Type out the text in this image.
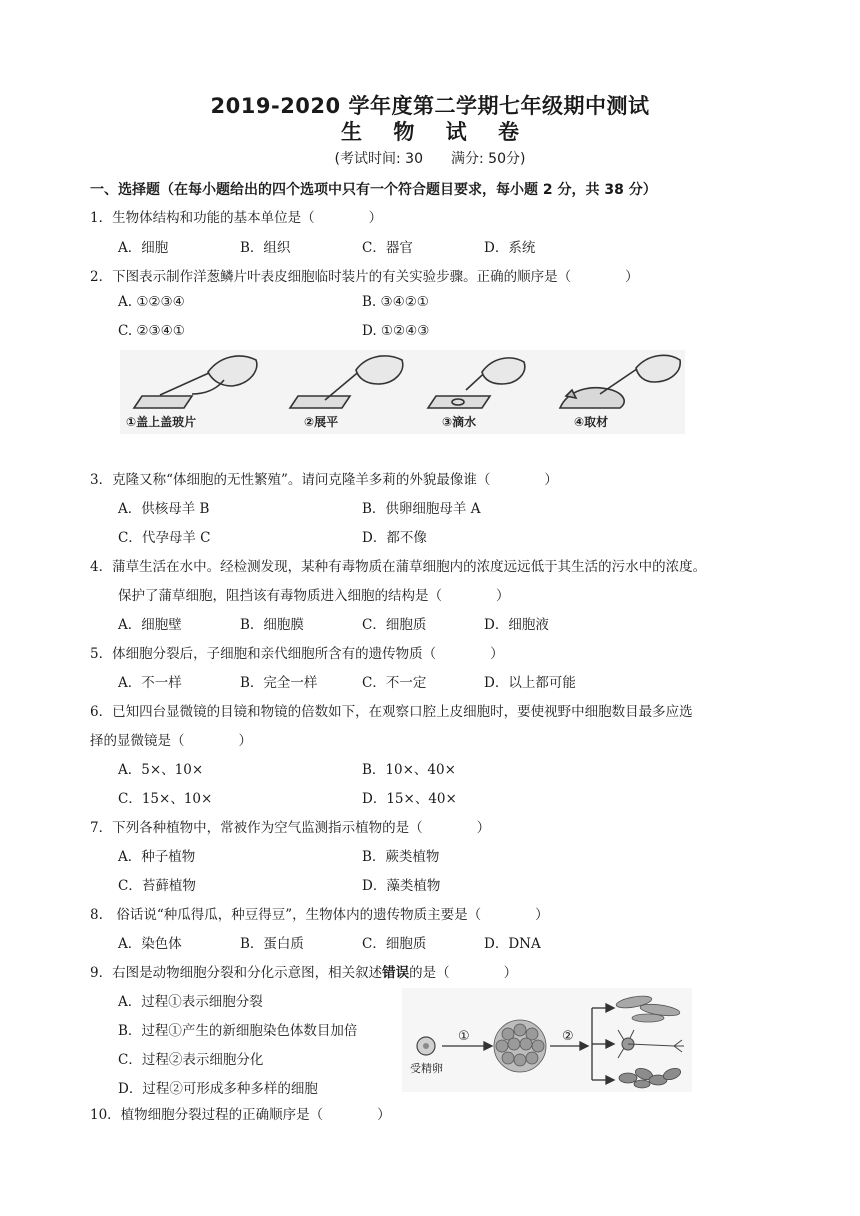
2019-2020 学年度第二学期七年级期中测试
生 物 试 卷
(考试时间: 30　　满分: 50分)
一、选择题（在每小题给出的四个选项中只有一个符合题目要求，每小题 2 分，共 38 分）
1．生物体结构和功能的基本单位是（　　　　）
A．细胞	B．组织	C．器官	D．系统
2．下图表示制作洋葱鳞片叶表皮细胞临时装片的有关实验步骤。正确的顺序是（　　　　）
A. ①②③④	B. ③④②①
C. ②③④①	D. ①②④③
①盖上盖玻片	②展平	③滴水	④取材
3．克隆又称“体细胞的无性繁殖”。请问克隆羊多莉的外貌最像谁（　　　　）
A．供核母羊 B	B．供卵细胞母羊 A
C．代孕母羊 C	D．都不像
4．蒲草生活在水中。经检测发现，某种有毒物质在蒲草细胞内的浓度远远低于其生活的污水中的浓度。
保护了蒲草细胞，阻挡该有毒物质进入细胞的结构是（　　　　）
A．细胞壁	B．细胞膜	C．细胞质	D．细胞液
5．体细胞分裂后，子细胞和亲代细胞所含有的遗传物质（　　　　）
A．不一样	B．完全一样	C．不一定	D．以上都可能
6．已知四台显微镜的目镜和物镜的倍数如下，在观察口腔上皮细胞时，要使视野中细胞数目最多应选
择的显微镜是（　　　　）
A．5×、10×	B．10×、40×
C．15×、10×	D．15×、40×
7．下列各种植物中，常被作为空气监测指示植物的是（　　　　）
A．种子植物	B．蕨类植物
C．苔藓植物	D．藻类植物
8.　俗话说“种瓜得瓜，种豆得豆”，生物体内的遗传物质主要是（　　　　）
A．染色体	B．蛋白质	C．细胞质	D．DNA
9．右图是动物细胞分裂和分化示意图，相关叙述错误的是（　　　　）
A．过程①表示细胞分裂
B．过程①产生的新细胞染色体数目加倍
C．过程②表示细胞分化
D．过程②可形成多种多样的细胞
受精卵
①	②
10．植物细胞分裂过程的正确顺序是（　　　　）
